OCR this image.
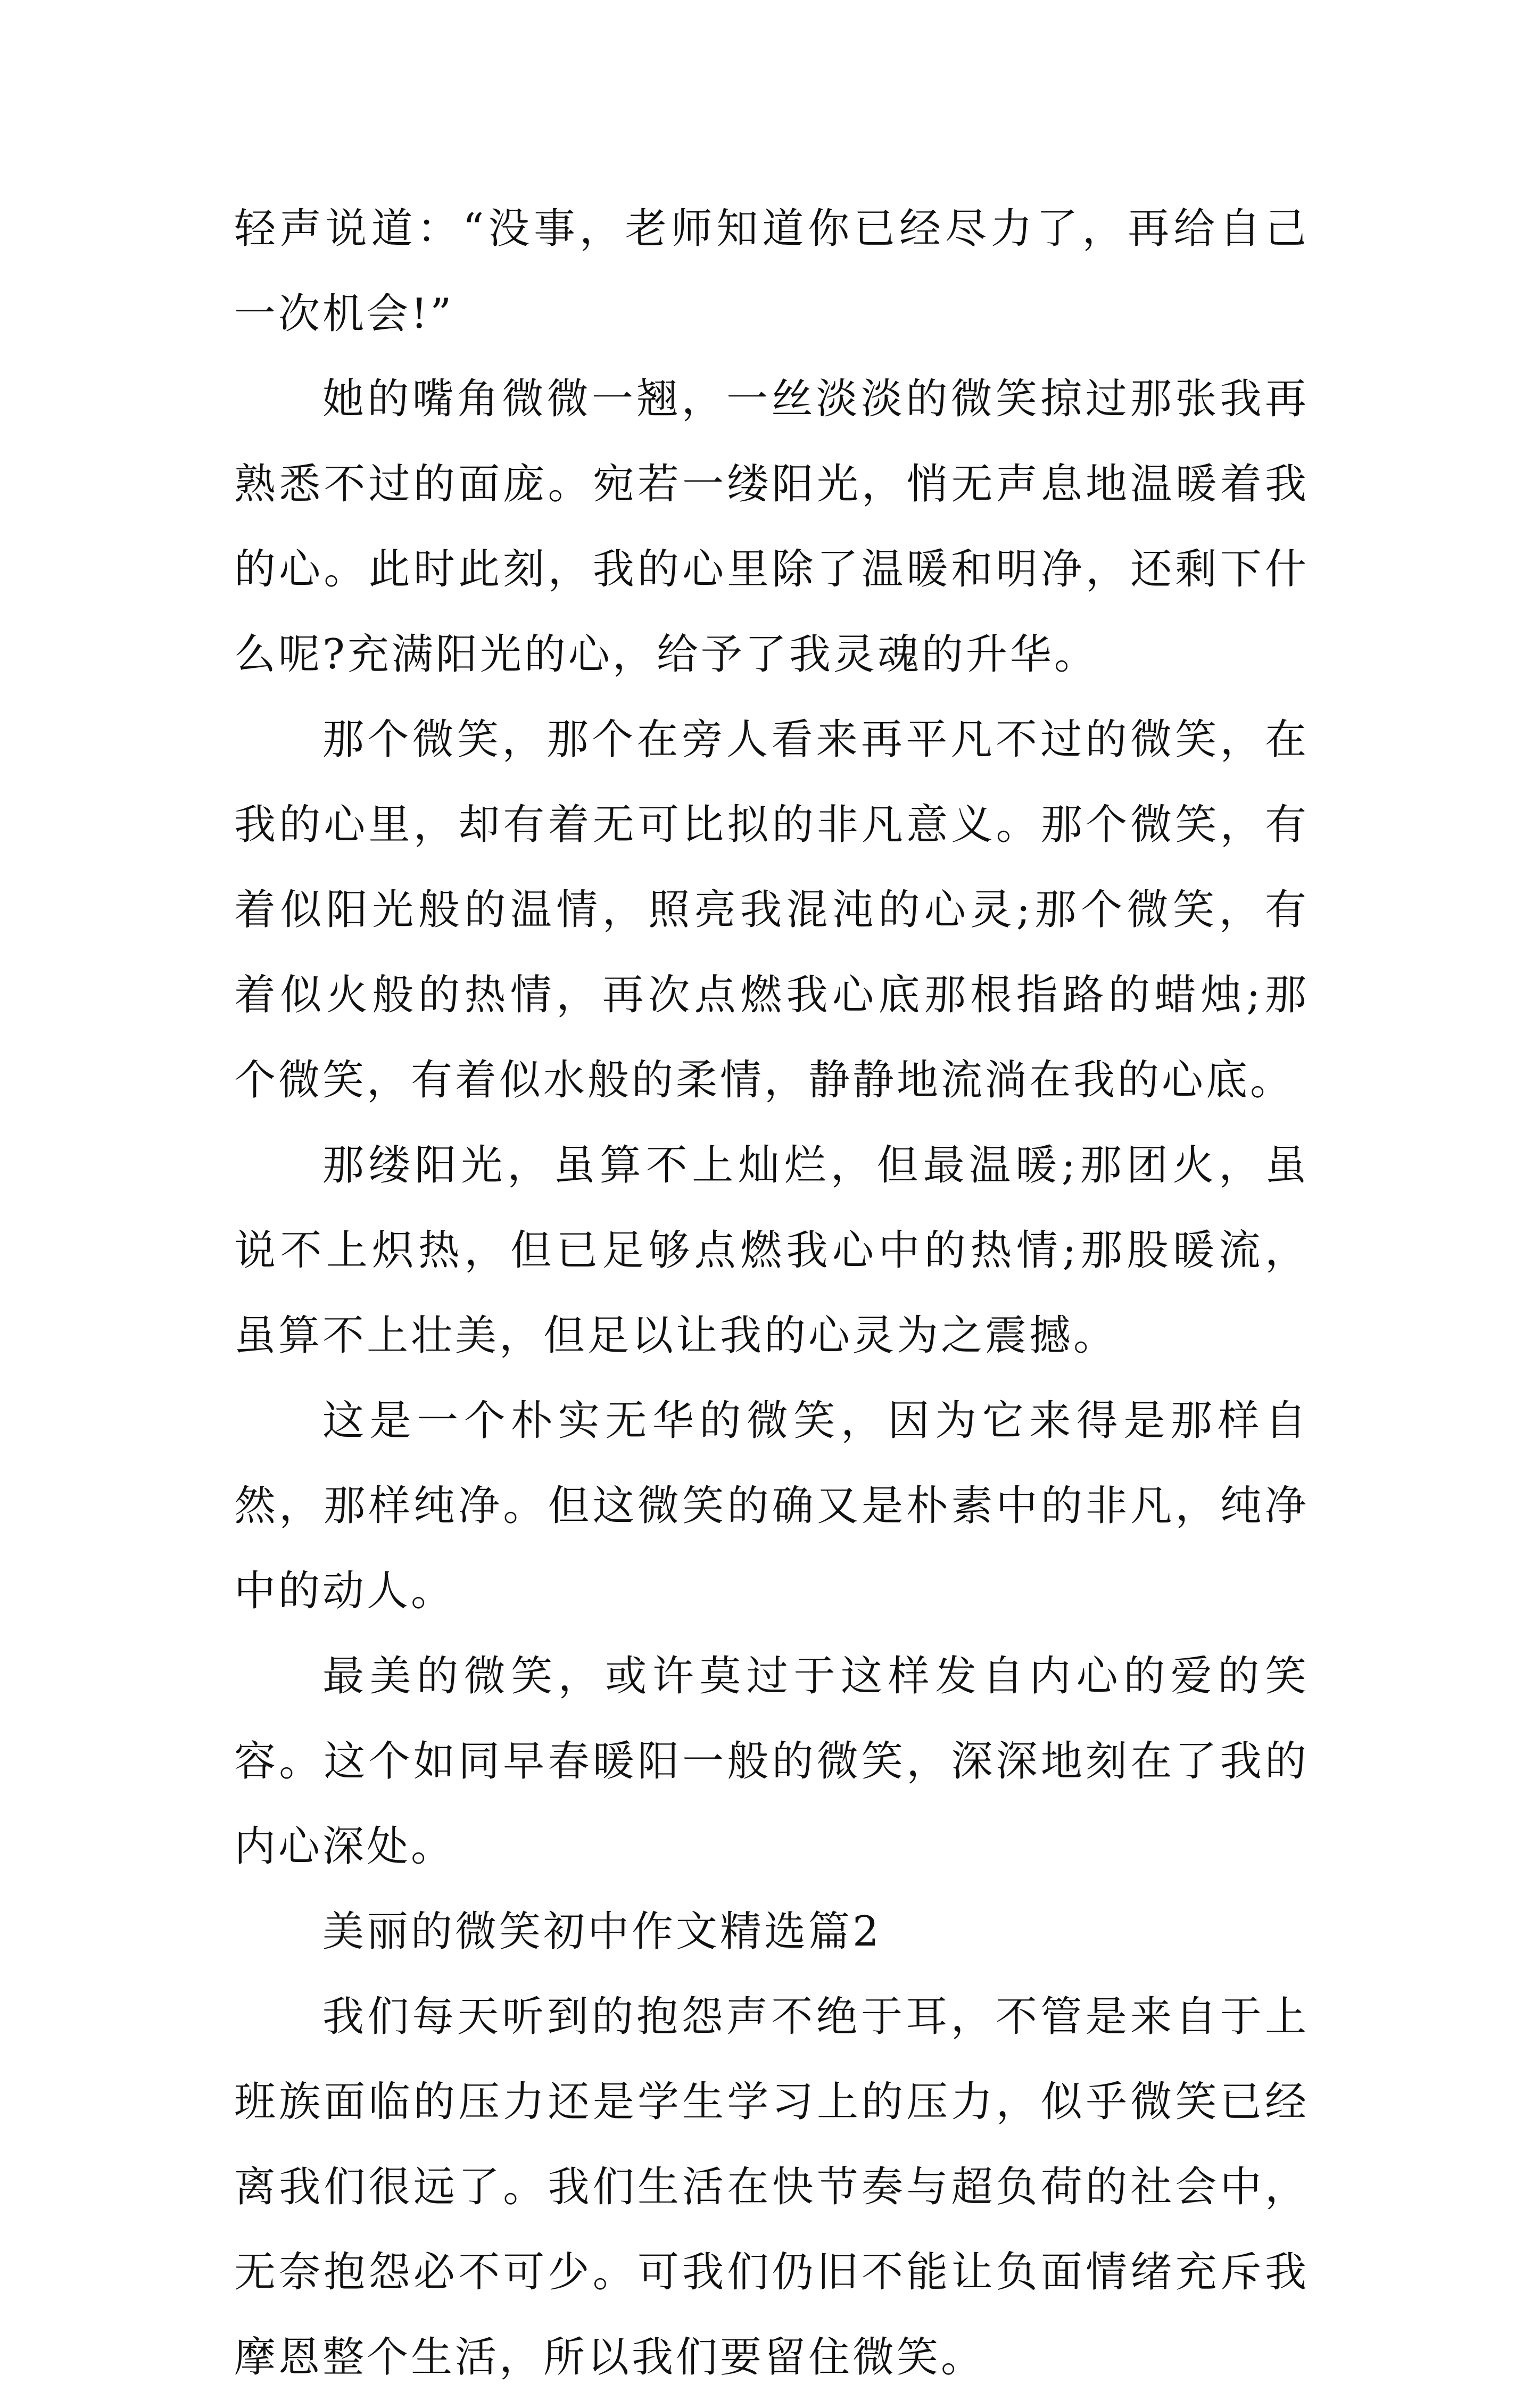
轻声说道：“没事，老师知道你已经尽力了，再给自己一次机会!”

她的嘴角微微一翘，一丝淡淡的微笑掠过那张我再熟悉不过的面庞。宛若一缕阳光，悄无声息地温暖着我的心。此时此刻，我的心里除了温暖和明净，还剩下什么呢?充满阳光的心，给予了我灵魂的升华。

那个微笑，那个在旁人看来再平凡不过的微笑，在我的心里，却有着无可比拟的非凡意义。那个微笑，有着似阳光般的温情，照亮我混沌的心灵;那个微笑，有着似火般的热情，再次点燃我心底那根指路的蜡烛;那个微笑，有着似水般的柔情，静静地流淌在我的心底。

那缕阳光，虽算不上灿烂，但最温暖;那团火，虽说不上炽热，但已足够点燃我心中的热情;那股暖流，虽算不上壮美，但足以让我的心灵为之震撼。

这是一个朴实无华的微笑，因为它来得是那样自然，那样纯净。但这微笑的确又是朴素中的非凡，纯净中的动人。

最美的微笑，或许莫过于这样发自内心的爱的笑容。这个如同早春暖阳一般的微笑，深深地刻在了我的内心深处。

美丽的微笑初中作文精选篇2

我们每天听到的抱怨声不绝于耳，不管是来自于上班族面临的压力还是学生学习上的压力，似乎微笑已经离我们很远了。我们生活在快节奏与超负荷的社会中，无奈抱怨必不可少。可我们仍旧不能让负面情绪充斥我摩恩整个生活，所以我们要留住微笑。
